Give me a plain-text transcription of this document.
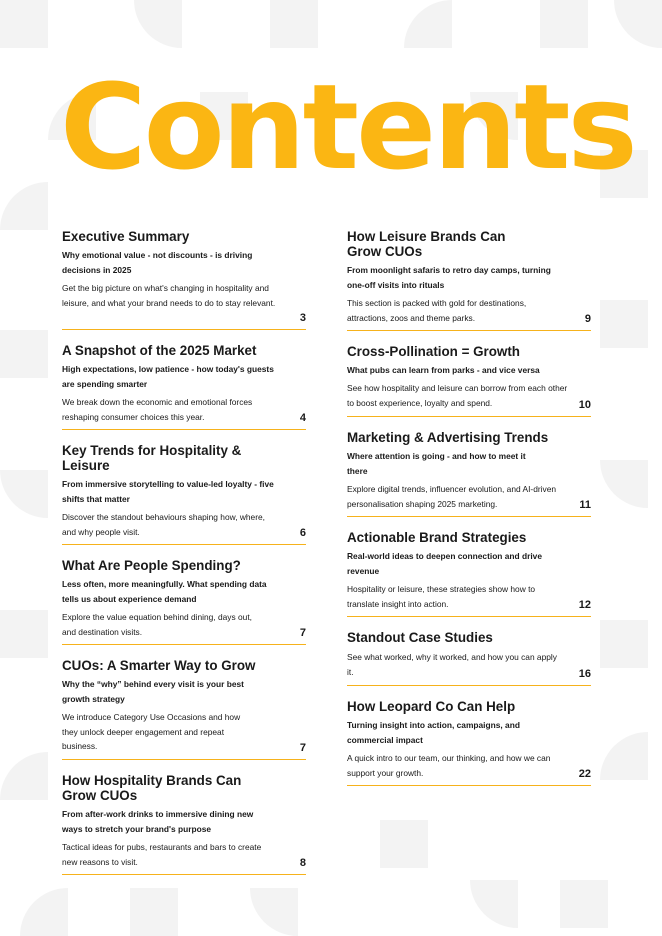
Contents
Executive Summary

Why emotional value - not discounts - is driving decisions in 2025

Get the big picture on what's changing in hospitality and leisure, and what your brand needs to do to stay relevant.

3
A Snapshot of the 2025 Market

High expectations, low patience - how today's guests are spending smarter

We break down the economic and emotional forces reshaping consumer choices this year.	4
Key Trends for Hospitality & Leisure

From immersive storytelling to value-led loyalty - five shifts that matter

Discover the standout behaviours shaping how, where, and why people visit.	6
What Are People Spending?

Less often, more meaningfully. What spending data tells us about experience demand

Explore the value equation behind dining, days out, and destination visits.	7
CUOs: A Smarter Way to Grow

Why the “why” behind every visit is your best growth strategy

We introduce Category Use Occasions and how they unlock deeper engagement and repeat business.	7
How Hospitality Brands Can Grow CUOs

From after-work drinks to immersive dining new ways to stretch your brand's purpose

Tactical ideas for pubs, restaurants and bars to create new reasons to visit.	8
How Leisure Brands Can Grow CUOs

From moonlight safaris to retro day camps, turning one-off visits into rituals

This section is packed with gold for destinations, attractions, zoos and theme parks.	9
Cross-Pollination = Growth

What pubs can learn from parks - and vice versa

See how hospitality and leisure can borrow from each other to boost experience, loyalty and spend.	10
Marketing & Advertising Trends

Where attention is going - and how to meet it there

Explore digital trends, influencer evolution, and AI-driven personalisation shaping 2025 marketing.	11
Actionable Brand Strategies

Real-world ideas to deepen connection and drive revenue

Hospitality or leisure, these strategies show how to translate insight into action.	12
Standout Case Studies

See what worked, why it worked, and how you can apply it.	16
How Leopard Co Can Help

Turning insight into action, campaigns, and commercial impact

A quick intro to our team, our thinking, and how we can support your growth.	22
